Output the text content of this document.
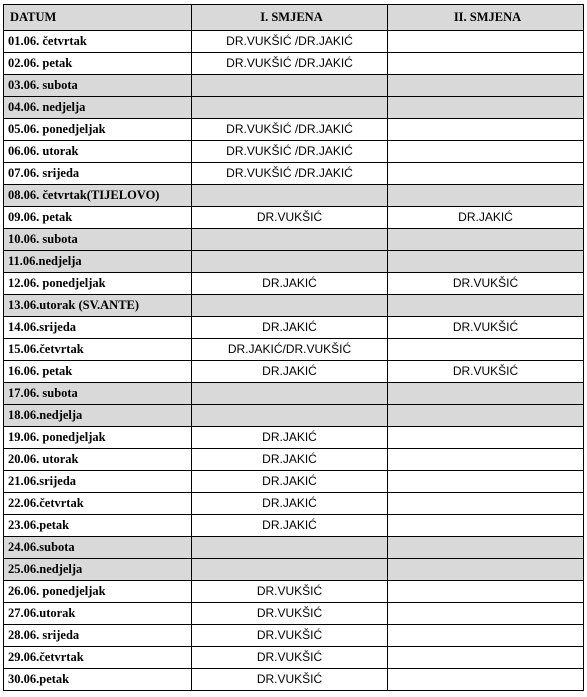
DATUM	I. SMJENA	II. SMJENA
01.06. četvrtak	DR.VUKŠIĆ /DR.JAKIĆ	
02.06. petak	DR.VUKŠIĆ /DR.JAKIĆ	
03.06. subota		
04.06. nedjelja		
05.06. ponedjeljak	DR.VUKŠIĆ /DR.JAKIĆ	
06.06. utorak	DR.VUKŠIĆ /DR.JAKIĆ	
07.06. srijeda	DR.VUKŠIĆ /DR.JAKIĆ	
08.06. četvrtak(TIJELOVO)		
09.06. petak	DR.VUKŠIĆ	DR.JAKIĆ
10.06. subota		
11.06.nedjelja		
12.06. ponedjeljak	DR.JAKIĆ	DR.VUKŠIĆ
13.06.utorak (SV.ANTE)		
14.06.srijeda	DR.JAKIĆ	DR.VUKŠIĆ
15.06.četvrtak	DR.JAKIĆ/DR.VUKŠIĆ	
16.06. petak	DR.JAKIĆ	DR.VUKŠIĆ
17.06. subota		
18.06.nedjelja		
19.06. ponedjeljak	DR.JAKIĆ	
20.06. utorak	DR.JAKIĆ	
21.06.srijeda	DR.JAKIĆ	
22.06.četvrtak	DR.JAKIĆ	
23.06.petak	DR.JAKIĆ	
24.06.subota		
25.06.nedjelja		
26.06. ponedjeljak	DR.VUKŠIĆ	
27.06.utorak	DR.VUKŠIĆ	
28.06. srijeda	DR.VUKŠIĆ	
29.06.četvrtak	DR.VUKŠIĆ	
30.06.petak	DR.VUKŠIĆ	
